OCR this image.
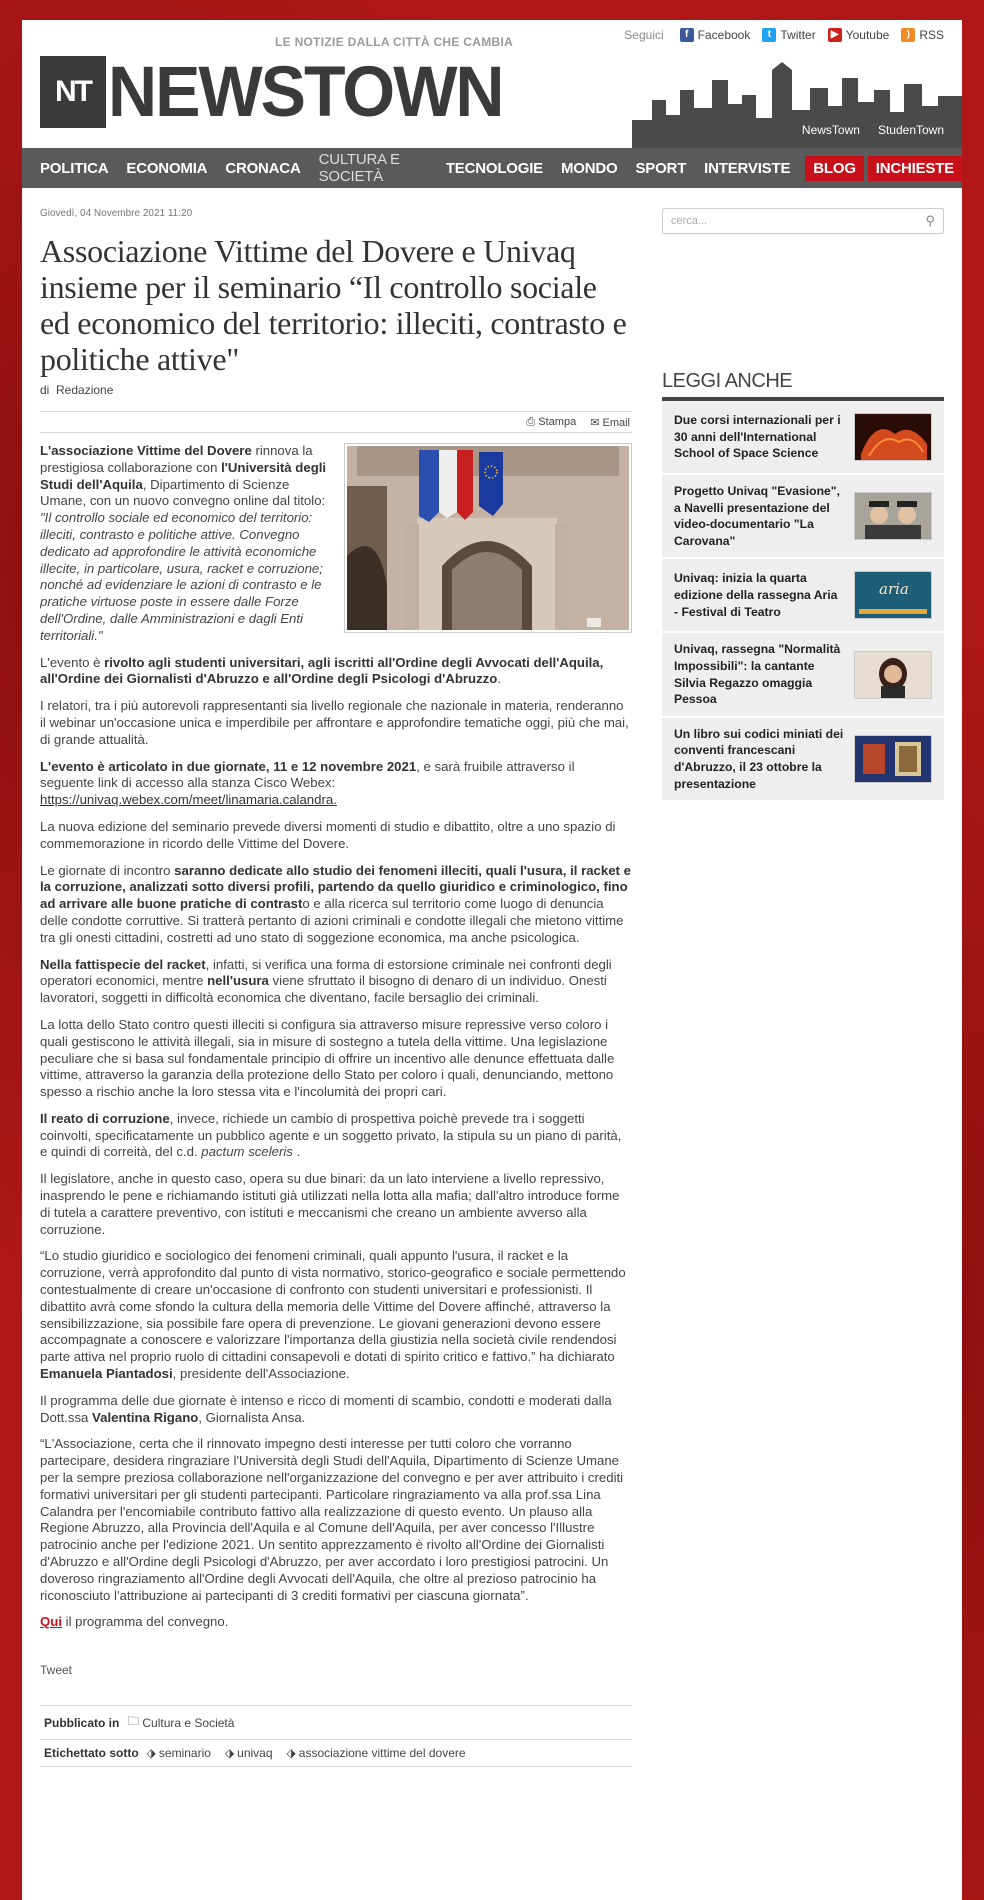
LE NOTIZIE DALLA CITTÀ CHE CAMBIA
NT NEWSTOWN
Seguici	f Facebook	t Twitter	▶ Youtube	) RSS
NewsTown StudenTown
POLITICA	ECONOMIA	CRONACA	CULTURA E SOCIETÀ	TECNOLOGIE	MONDO	SPORT	INTERVISTE	BLOG	INCHIESTE
Giovedì, 04 Novembre 2021 11:20
Associazione Vittime del Dovere e Univaq insieme per il seminario “Il controllo sociale ed economico del territorio: illeciti, contrasto e politiche attive"
di Redazione
⎙ Stampa ✉ Email

L'associazione Vittime del Dovere rinnova la prestigiosa collaborazione con l'Università degli Studi dell'Aquila, Dipartimento di Scienze Umane, con un nuovo convegno online dal titolo: "Il controllo sociale ed economico del territorio: illeciti, contrasto e politiche attive. Convegno dedicato ad approfondire le attività economiche illecite, in particolare, usura, racket e corruzione; nonché ad evidenziare le azioni di contrasto e le pratiche virtuose poste in essere dalle Forze dell'Ordine, dalle Amministrazioni e dagli Enti territoriali."

L'evento è rivolto agli studenti universitari, agli iscritti all'Ordine degli Avvocati dell'Aquila, all'Ordine dei Giornalisti d'Abruzzo e all'Ordine degli Psicologi d'Abruzzo.

I relatori, tra i più autorevoli rappresentanti sia livello regionale che nazionale in materia, renderanno il webinar un'occasione unica e imperdibile per affrontare e approfondire tematiche oggi, più che mai, di grande attualità.

L'evento è articolato in due giornate, 11 e 12 novembre 2021, e sarà fruibile attraverso il seguente link di accesso alla stanza Cisco Webex:
https://univaq.webex.com/meet/linamaria.calandra.

La nuova edizione del seminario prevede diversi momenti di studio e dibattito, oltre a uno spazio di commemorazione in ricordo delle Vittime del Dovere.

Le giornate di incontro saranno dedicate allo studio dei fenomeni illeciti, quali l'usura, il racket e la corruzione, analizzati sotto diversi profili, partendo da quello giuridico e criminologico, fino ad arrivare alle buone pratiche di contrasto e alla ricerca sul territorio come luogo di denuncia delle condotte corruttive. Si tratterà pertanto di azioni criminali e condotte illegali che mietono vittime tra gli onesti cittadini, costretti ad uno stato di soggezione economica, ma anche psicologica.

Nella fattispecie del racket, infatti, si verifica una forma di estorsione criminale nei confronti degli operatori economici, mentre nell'usura viene sfruttato il bisogno di denaro di un individuo. Onesti lavoratori, soggetti in difficoltà economica che diventano, facile bersaglio dei criminali.

La lotta dello Stato contro questi illeciti si configura sia attraverso misure repressive verso coloro i quali gestiscono le attività illegali, sia in misure di sostegno a tutela della vittime. Una legislazione peculiare che si basa sul fondamentale principio di offrire un incentivo alle denunce effettuata dalle vittime, attraverso la garanzia della protezione dello Stato per coloro i quali, denunciando, mettono spesso a rischio anche la loro stessa vita e l'incolumità dei propri cari.

Il reato di corruzione, invece, richiede un cambio di prospettiva poichè prevede tra i soggetti coinvolti, specificatamente un pubblico agente e un soggetto privato, la stipula su un piano di parità, e quindi di correità, del c.d. pactum sceleris .

Il legislatore, anche in questo caso, opera su due binari: da un lato interviene a livello repressivo, inasprendo le pene e richiamando istituti già utilizzati nella lotta alla mafia; dall'altro introduce forme di tutela a carattere preventivo, con istituti e meccanismi che creano un ambiente avverso alla corruzione.

“Lo studio giuridico e sociologico dei fenomeni criminali, quali appunto l'usura, il racket e la corruzione, verrà approfondito dal punto di vista normativo, storico-geografico e sociale permettendo contestualmente di creare un'occasione di confronto con studenti universitari e professionisti. Il dibattito avrà come sfondo la cultura della memoria delle Vittime del Dovere affinché, attraverso la sensibilizzazione, sia possibile fare opera di prevenzione. Le giovani generazioni devono essere accompagnate a conoscere e valorizzare l'importanza della giustizia nella società civile rendendosi parte attiva nel proprio ruolo di cittadini consapevoli e dotati di spirito critico e fattivo.” ha dichiarato Emanuela Piantadosi, presidente dell'Associazione.

Il programma delle due giornate è intenso e ricco di momenti di scambio, condotti e moderati dalla Dott.ssa Valentina Rigano, Giornalista Ansa.

“L'Associazione, certa che il rinnovato impegno desti interesse per tutti coloro che vorranno partecipare, desidera ringraziare l'Università degli Studi dell'Aquila, Dipartimento di Scienze Umane per la sempre preziosa collaborazione nell'organizzazione del convegno e per aver attribuito i crediti formativi universitari per gli studenti partecipanti. Particolare ringraziamento va alla prof.ssa Lina Calandra per l'encomiabile contributo fattivo alla realizzazione di questo evento. Un plauso alla Regione Abruzzo, alla Provincia dell'Aquila e al Comune dell'Aquila, per aver concesso l'Illustre patrocinio anche per l'edizione 2021. Un sentito apprezzamento è rivolto all'Ordine dei Giornalisti d'Abruzzo e all'Ordine degli Psicologi d'Abruzzo, per aver accordato i loro prestigiosi patrocini. Un doveroso ringraziamento all'Ordine degli Avvocati dell'Aquila, che oltre al prezioso patrocinio ha riconosciuto l'attribuzione ai partecipanti di 3 crediti formativi per ciascuna giornata”.

Qui il programma del convegno.

Tweet
Pubblicato in 🗀 Cultura e Società
Etichettato sotto ⬗ seminario ⬗ univaq ⬗ associazione vittime del dovere
cerca...	⚲
LEGGI ANCHE
Due corsi internazionali per i 30 anni dell'International School of Space Science
Progetto Univaq "Evasione", a Navelli presentazione del video-documentario "La Carovana"
Univaq: inizia la quarta edizione della rassegna Aria - Festival di Teatro
aria
Univaq, rassegna "Normalità Impossibili": la cantante Silvia Regazzo omaggia Pessoa
Un libro sui codici miniati dei conventi francescani d'Abruzzo, il 23 ottobre la presentazione
